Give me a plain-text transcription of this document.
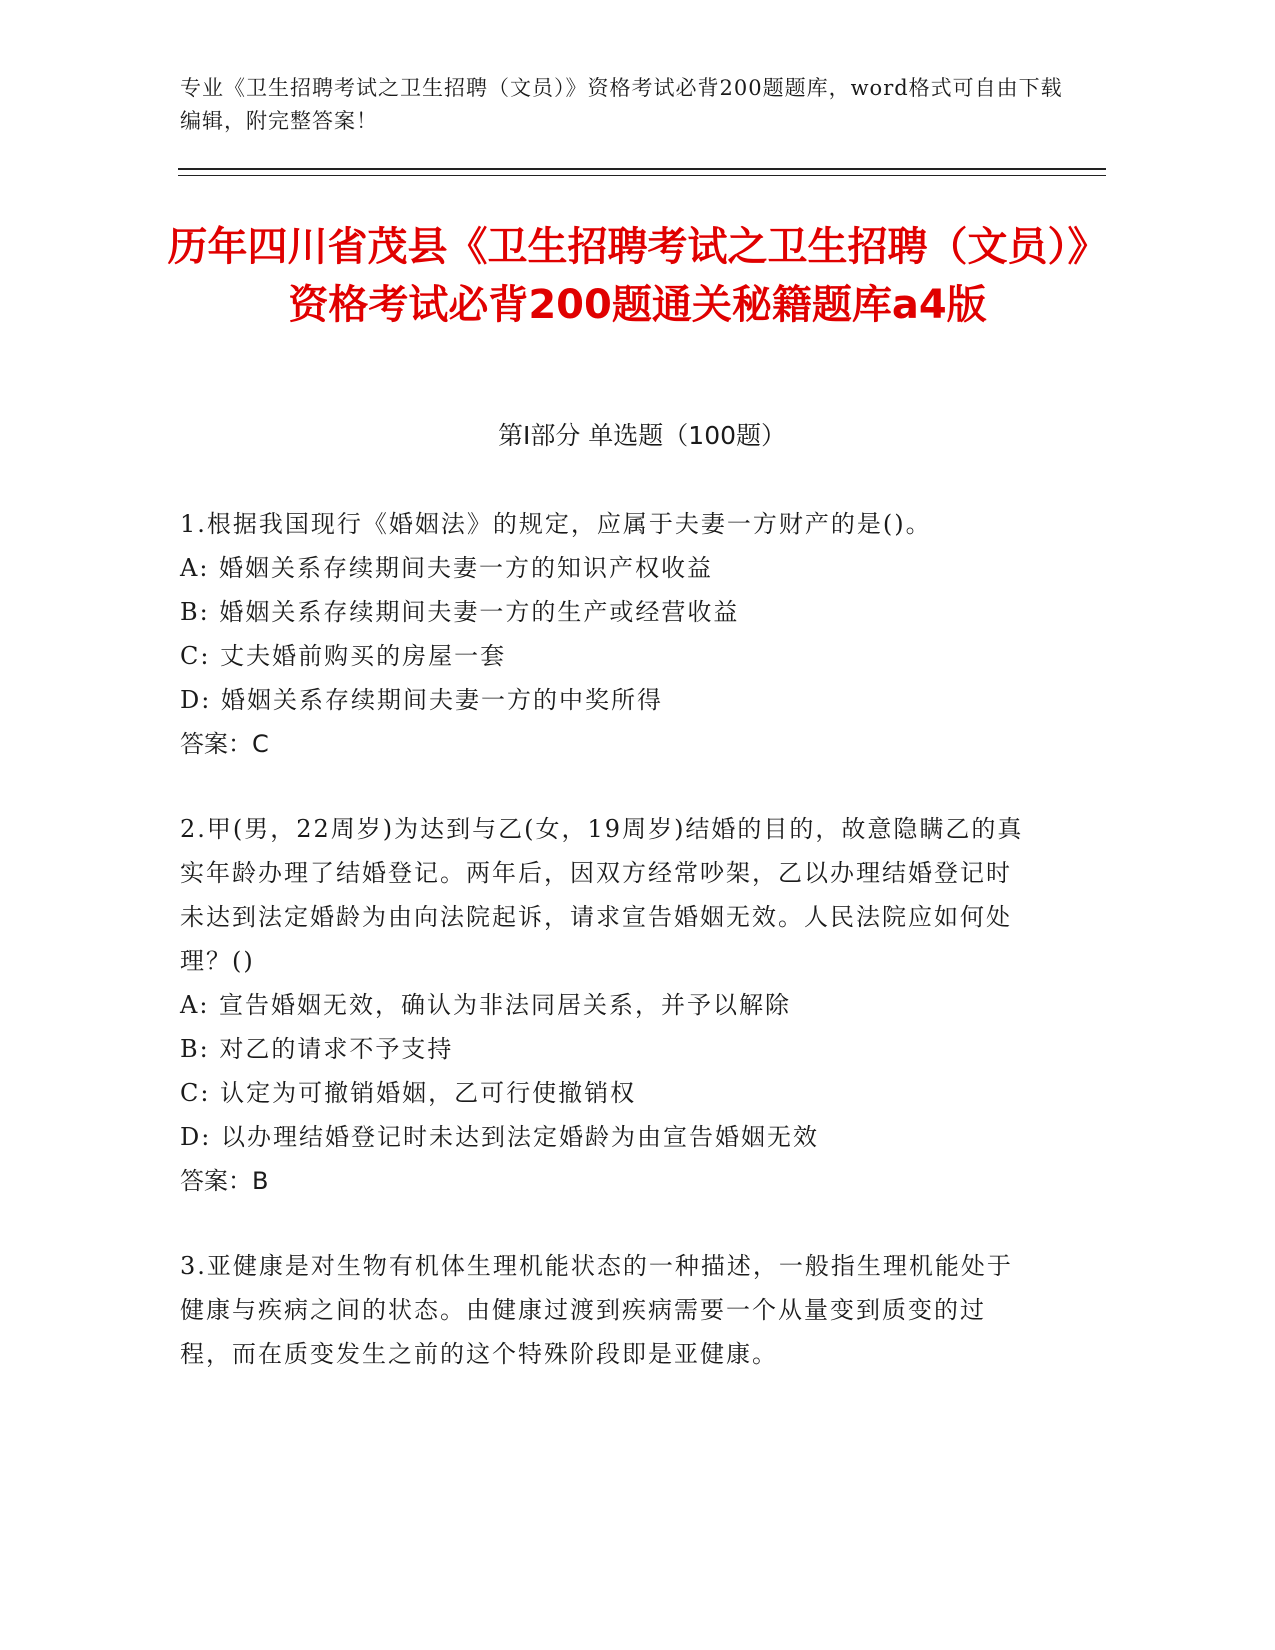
专业《卫生招聘考试之卫生招聘（文员）》资格考试必背200题题库，word格式可自由下载编辑，附完整答案！
历年四川省茂县《卫生招聘考试之卫生招聘（文员）》资格考试必背200题通关秘籍题库a4版
第Ⅰ部分 单选题（100题）
1.根据我国现行《婚姻法》的规定，应属于夫妻一方财产的是()。
A: 婚姻关系存续期间夫妻一方的知识产权收益
B: 婚姻关系存续期间夫妻一方的生产或经营收益
C: 丈夫婚前购买的房屋一套
D: 婚姻关系存续期间夫妻一方的中奖所得
答案：C
2.甲(男，22周岁)为达到与乙(女，19周岁)结婚的目的，故意隐瞒乙的真实年龄办理了结婚登记。两年后，因双方经常吵架，乙以办理结婚登记时未达到法定婚龄为由向法院起诉，请求宣告婚姻无效。人民法院应如何处理？()
A: 宣告婚姻无效，确认为非法同居关系，并予以解除
B: 对乙的请求不予支持
C: 认定为可撤销婚姻，乙可行使撤销权
D: 以办理结婚登记时未达到法定婚龄为由宣告婚姻无效
答案：B
3.亚健康是对生物有机体生理机能状态的一种描述，一般指生理机能处于健康与疾病之间的状态。由健康过渡到疾病需要一个从量变到质变的过程，而在质变发生之前的这个特殊阶段即是亚健康。
